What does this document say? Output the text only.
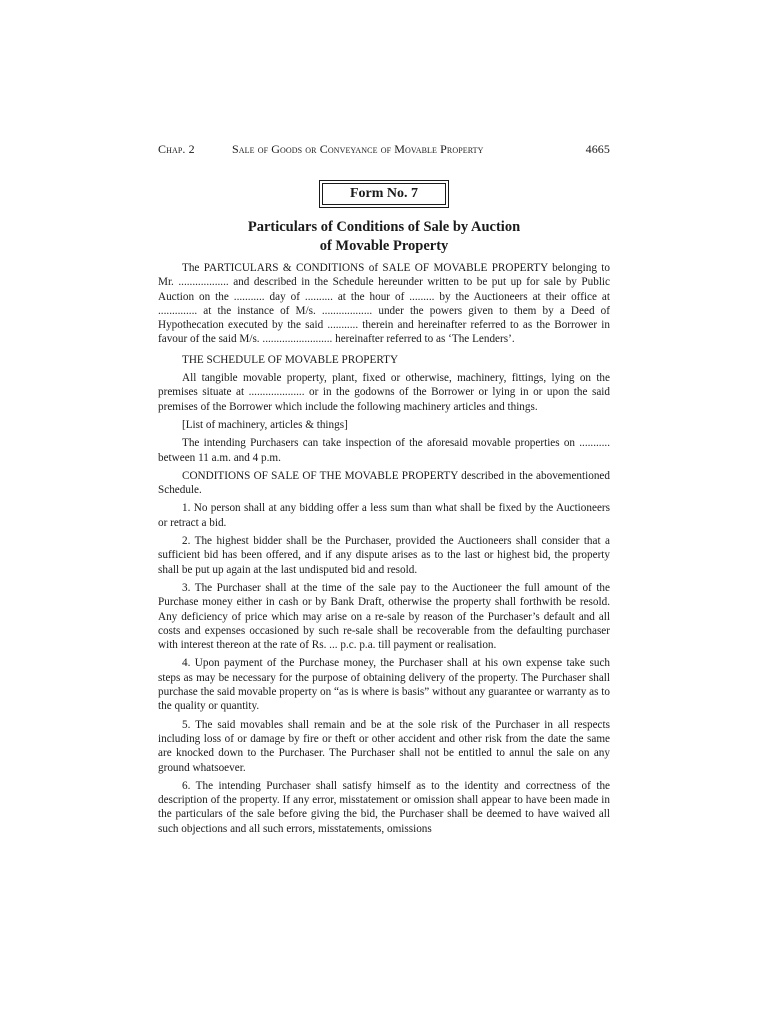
Chap. 2	Sale of Goods or Conveyance of Movable Property	4665
Form No. 7
Particulars of Conditions of Sale by Auction
of Movable Property

The PARTICULARS & CONDITIONS of SALE OF MOVABLE PROPERTY belonging to Mr. .................. and described in the Schedule hereunder written to be put up for sale by Public Auction on the ........... day of .......... at the hour of ......... by the Auctioneers at their office at .............. at the instance of M/s. .................. under the powers given to them by a Deed of Hypothecation executed by the said ........... therein and hereinafter referred to as the Borrower in favour of the said M/s. ......................... hereinafter referred to as ‘The Lenders’.

THE SCHEDULE OF MOVABLE PROPERTY

All tangible movable property, plant, fixed or otherwise, machinery, fittings, lying on the premises situate at .................... or in the godowns of the Borrower or lying in or upon the said premises of the Borrower which include the following machinery articles and things.

[List of machinery, articles & things]

The intending Purchasers can take inspection of the aforesaid movable properties on ........... between 11 a.m. and 4 p.m.

CONDITIONS OF SALE OF THE MOVABLE PROPERTY described in the abovementioned Schedule.

1. No person shall at any bidding offer a less sum than what shall be fixed by the Auctioneers or retract a bid.

2. The highest bidder shall be the Purchaser, provided the Auctioneers shall consider that a sufficient bid has been offered, and if any dispute arises as to the last or highest bid, the property shall be put up again at the last undisputed bid and resold.

3. The Purchaser shall at the time of the sale pay to the Auctioneer the full amount of the Purchase money either in cash or by Bank Draft, otherwise the property shall forthwith be resold. Any deficiency of price which may arise on a re-sale by reason of the Purchaser’s default and all costs and expenses occasioned by such re-sale shall be recoverable from the defaulting purchaser with interest thereon at the rate of Rs. ... p.c. p.a. till payment or realisation.

4. Upon payment of the Purchase money, the Purchaser shall at his own expense take such steps as may be necessary for the purpose of obtaining delivery of the property. The Purchaser shall purchase the said movable property on “as is where is basis” without any guarantee or warranty as to the quality or quantity.

5. The said movables shall remain and be at the sole risk of the Purchaser in all respects including loss of or damage by fire or theft or other accident and other risk from the date the same are knocked down to the Purchaser. The Purchaser shall not be entitled to annul the sale on any ground whatsoever.

6. The intending Purchaser shall satisfy himself as to the identity and correctness of the description of the property. If any error, misstatement or omission shall appear to have been made in the particulars of the sale before giving the bid, the Purchaser shall be deemed to have waived all such objections and all such errors, misstatements, omissions
